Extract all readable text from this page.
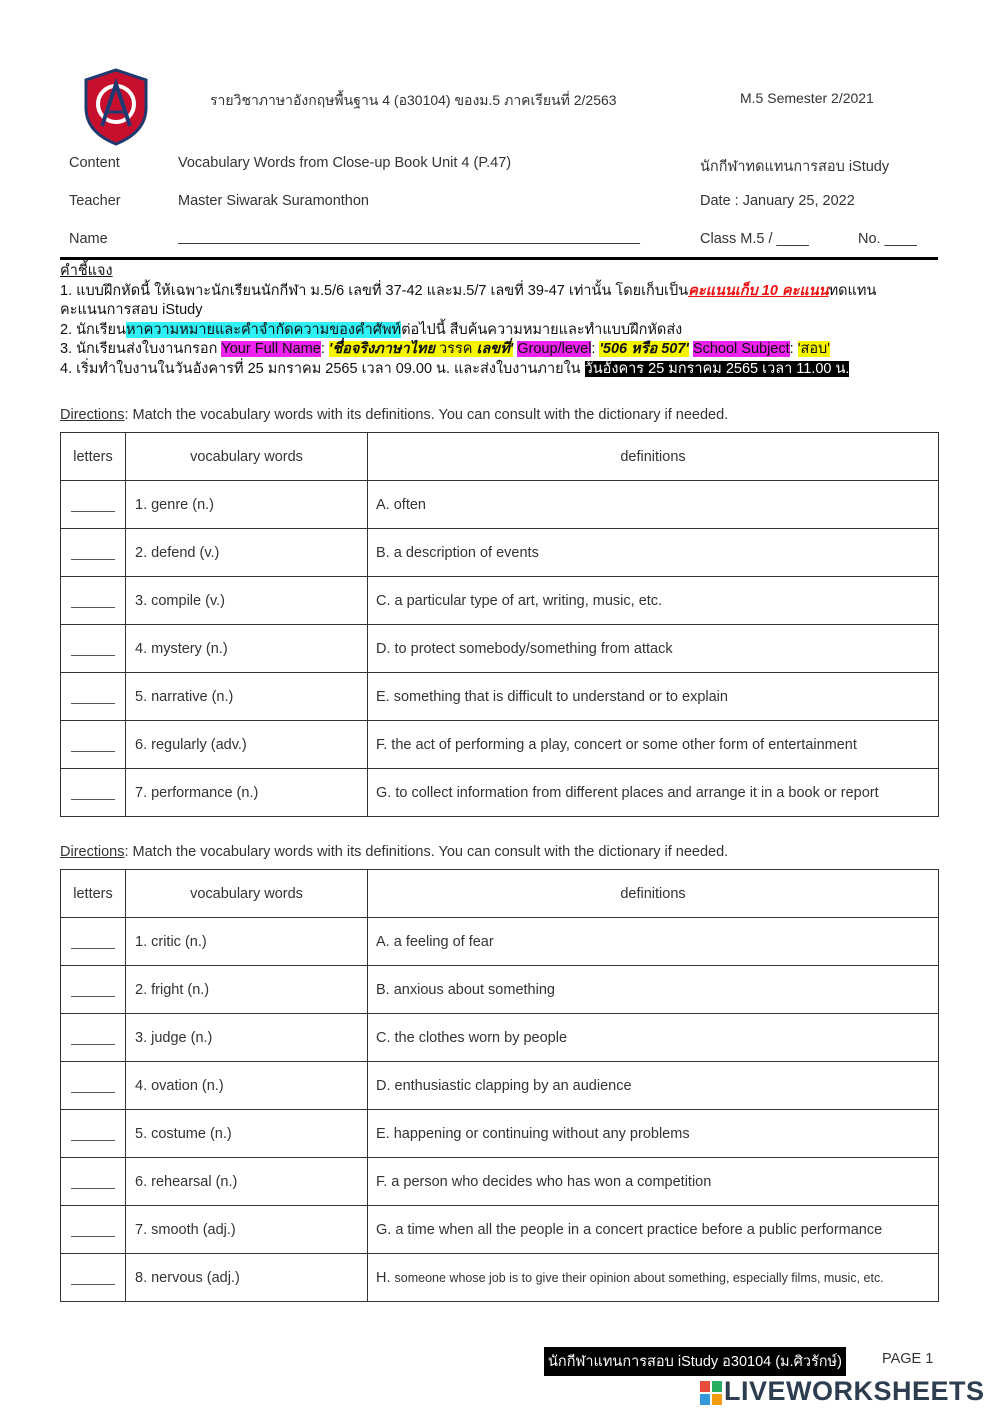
รายวิชาภาษาอังกฤษพื้นฐาน 4 (อ30104) ของม.5 ภาคเรียนที่ 2/2563	M.5 Semester 2/2021
Content	Vocabulary Words from Close-up Book Unit 4 (P.47)	นักกีฬาทดแทนการสอบ iStudy
Teacher	Master Siwarak Suramonthon	Date : January 25, 2022
Name	_____________________________________________________________	Class M.5 / ____	No. ____
คำชี้แจง
1. แบบฝึกหัดนี้ ให้เฉพาะนักเรียนนักกีฬา ม.5/6 เลขที่ 37-42 และม.5/7 เลขที่ 39-47 เท่านั้น โดยเก็บเป็นคะแนนเก็บ 10 คะแนนทดแทน
คะแนนการสอบ iStudy
2. นักเรียนหาความหมายและคำจำกัดความของคำศัพท์ต่อไปนี้ สืบค้นความหมายและทำแบบฝึกหัดส่ง
3. นักเรียนส่งใบงานกรอก Your Full Name: 'ชื่อจริงภาษาไทย วรรค เลขที่' Group/level: '506 หรือ 507' School Subject: 'สอบ'
4. เริ่มทำใบงานในวันอังคารที่ 25 มกราคม 2565 เวลา 09.00 น. และส่งใบงานภายใน วันอังคาร 25 มกราคม 2565 เวลา 11.00 น.
Directions: Match the vocabulary words with its definitions. You can consult with the dictionary if needed.
letters	vocabulary words	definitions
	1. genre (n.)	A. often
	2. defend (v.)	B. a description of events
	3. compile (v.)	C. a particular type of art, writing, music, etc.
	4. mystery (n.)	D. to protect somebody/something from attack
	5. narrative (n.)	E. something that is difficult to understand or to explain
	6. regularly (adv.)	F. the act of performing a play, concert or some other form of entertainment
	7. performance (n.)	G. to collect information from different places and arrange it in a book or report
Directions: Match the vocabulary words with its definitions. You can consult with the dictionary if needed.
letters	vocabulary words	definitions
	1. critic (n.)	A. a feeling of fear
	2. fright (n.)	B. anxious about something
	3. judge (n.)	C. the clothes worn by people
	4. ovation (n.)	D. enthusiastic clapping by an audience
	5. costume (n.)	E. happening or continuing without any problems
	6. rehearsal (n.)	F. a person who decides who has won a competition
	7. smooth (adj.)	G. a time when all the people in a concert practice before a public performance
	8. nervous (adj.)	H. someone whose job is to give their opinion about something, especially films, music, etc.
นักกีฬาแทนการสอบ iStudy อ30104 (ม.ศิวรักษ์)	PAGE 1
LIVEWORKSHEETS
